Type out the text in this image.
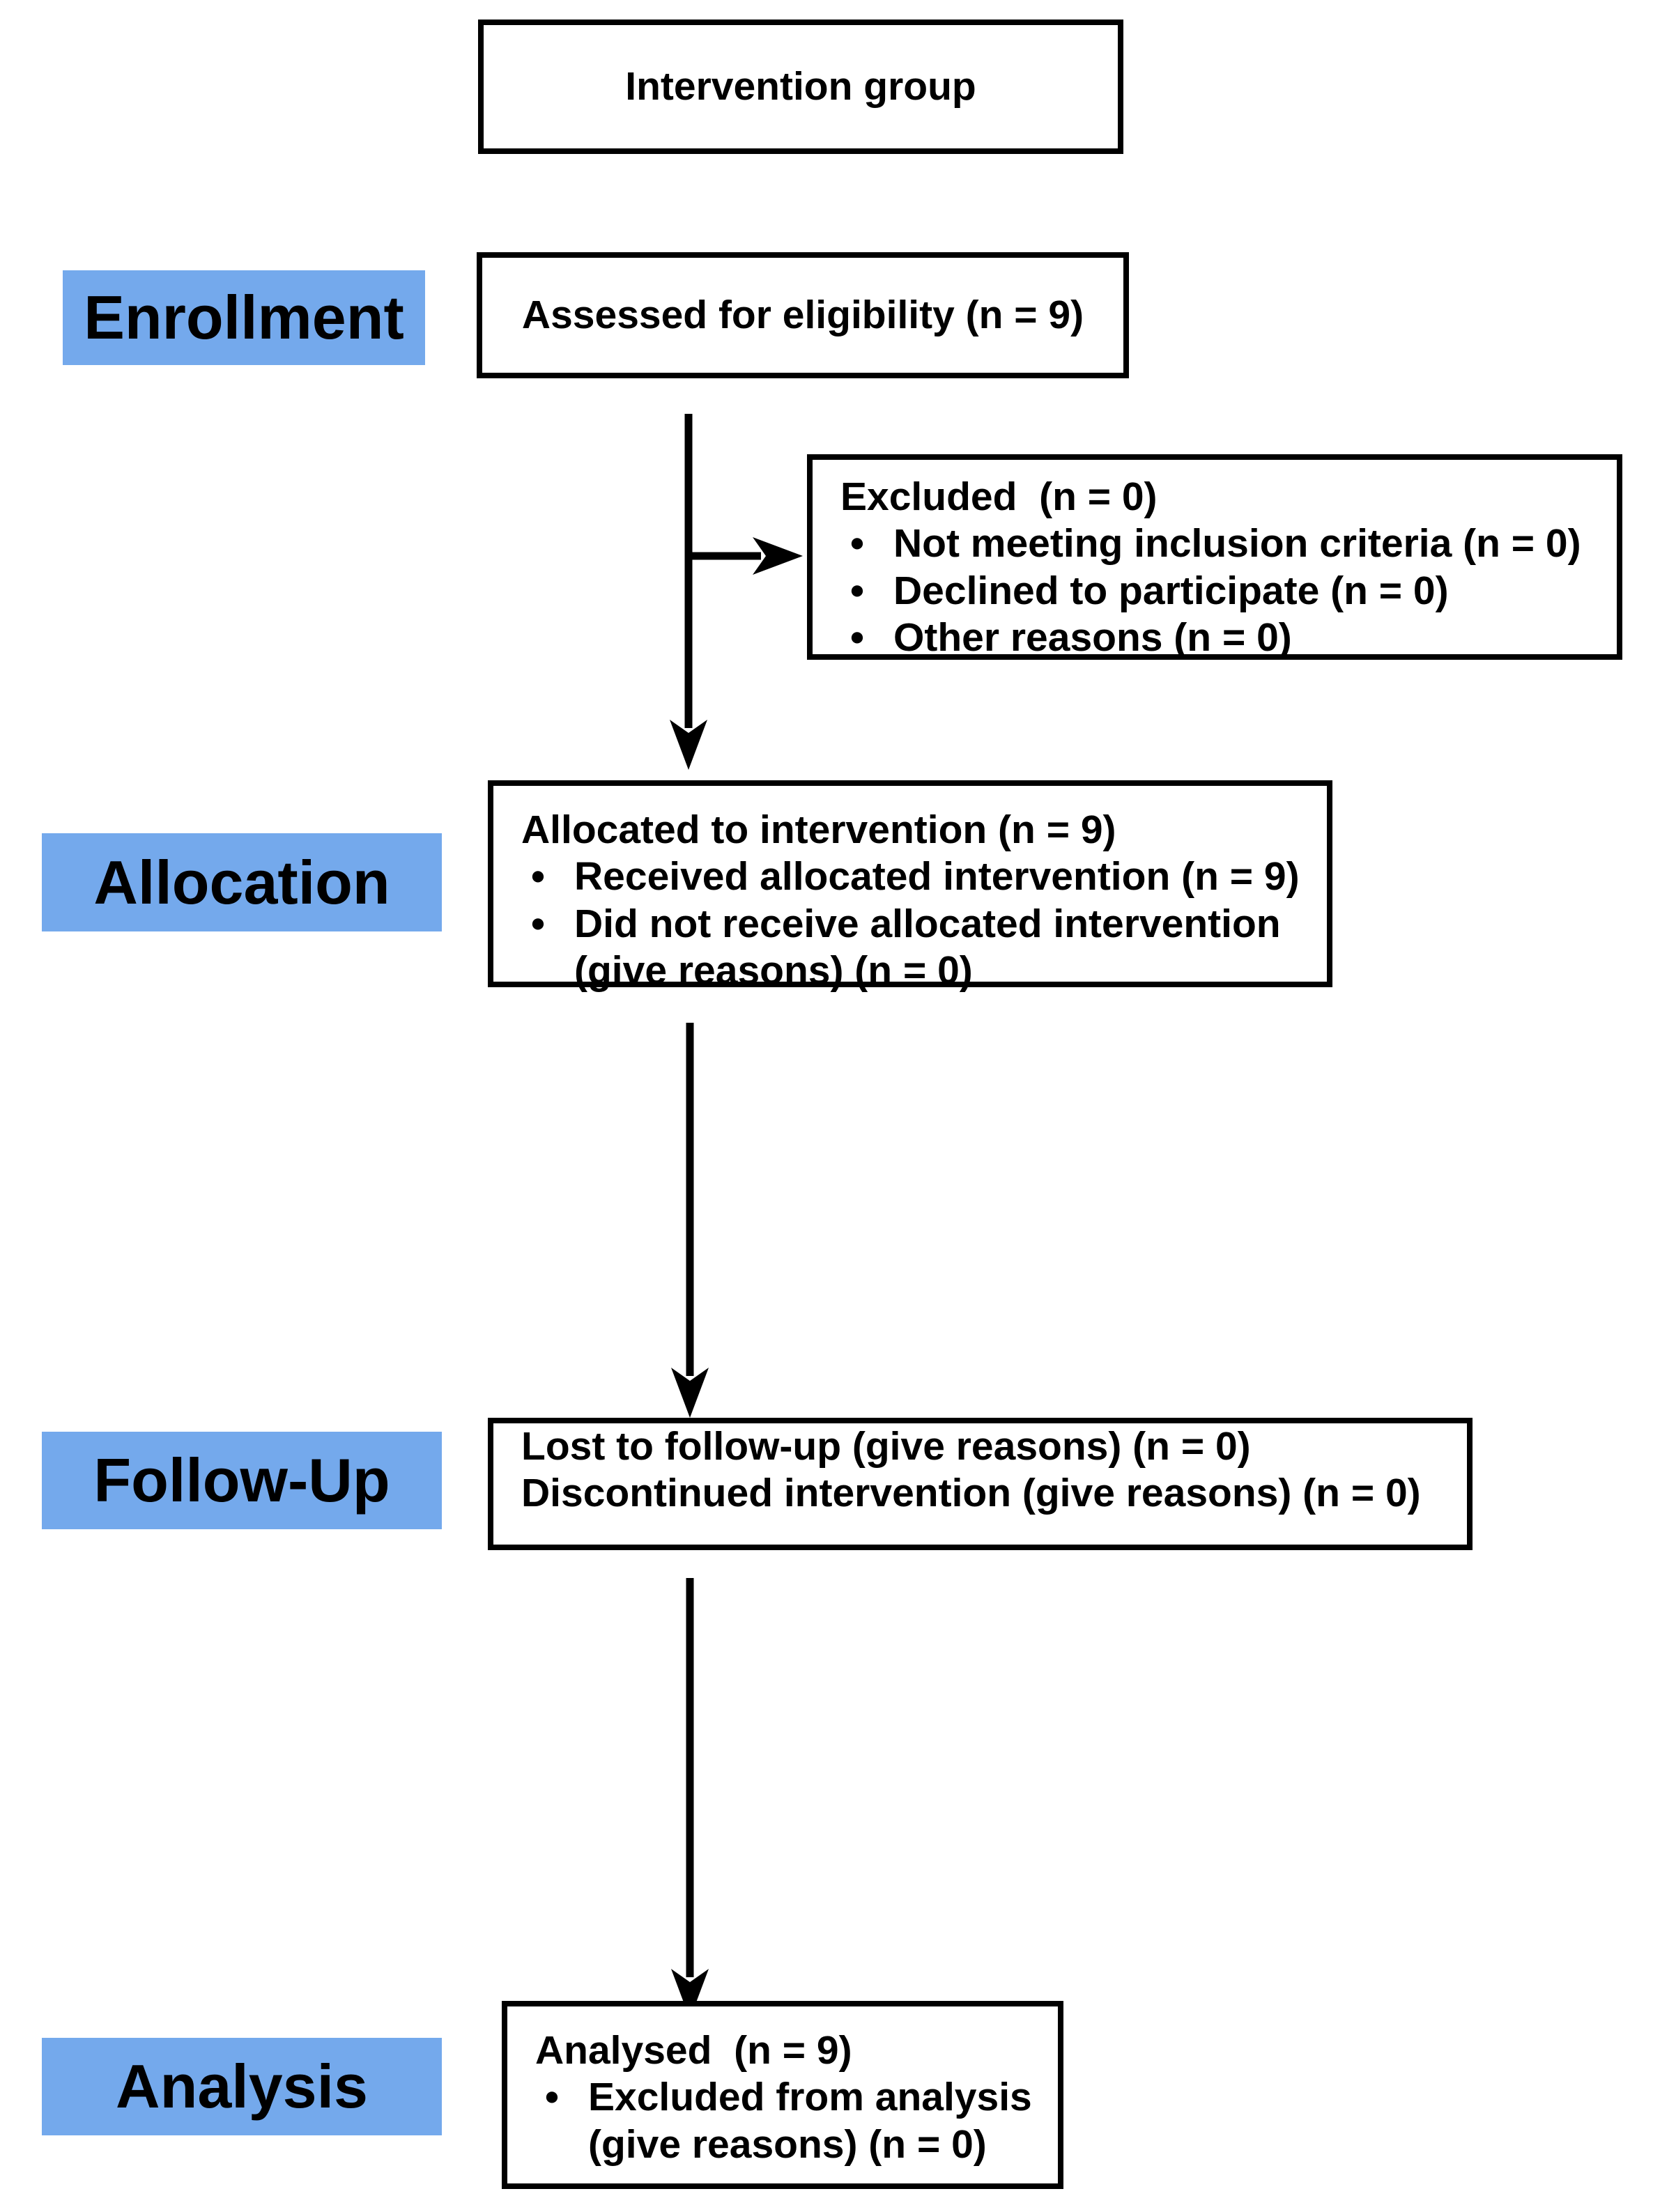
Intervention group
Enrollment	Assessed for eligibility (n = 9)
Excluded  (n = 0)
• Not meeting inclusion criteria (n = 0)
• Declined to participate (n = 0)
• Other reasons (n = 0)
Allocation
Allocated to intervention (n = 9)
• Received allocated intervention (n = 9)
• Did not receive allocated intervention
(give reasons) (n = 0)
Follow-Up	Lost to follow-up (give reasons) (n = 0)
Discontinued intervention (give reasons) (n = 0)
Analysis
Analysed  (n = 9)
• Excluded from analysis
(give reasons) (n = 0)
